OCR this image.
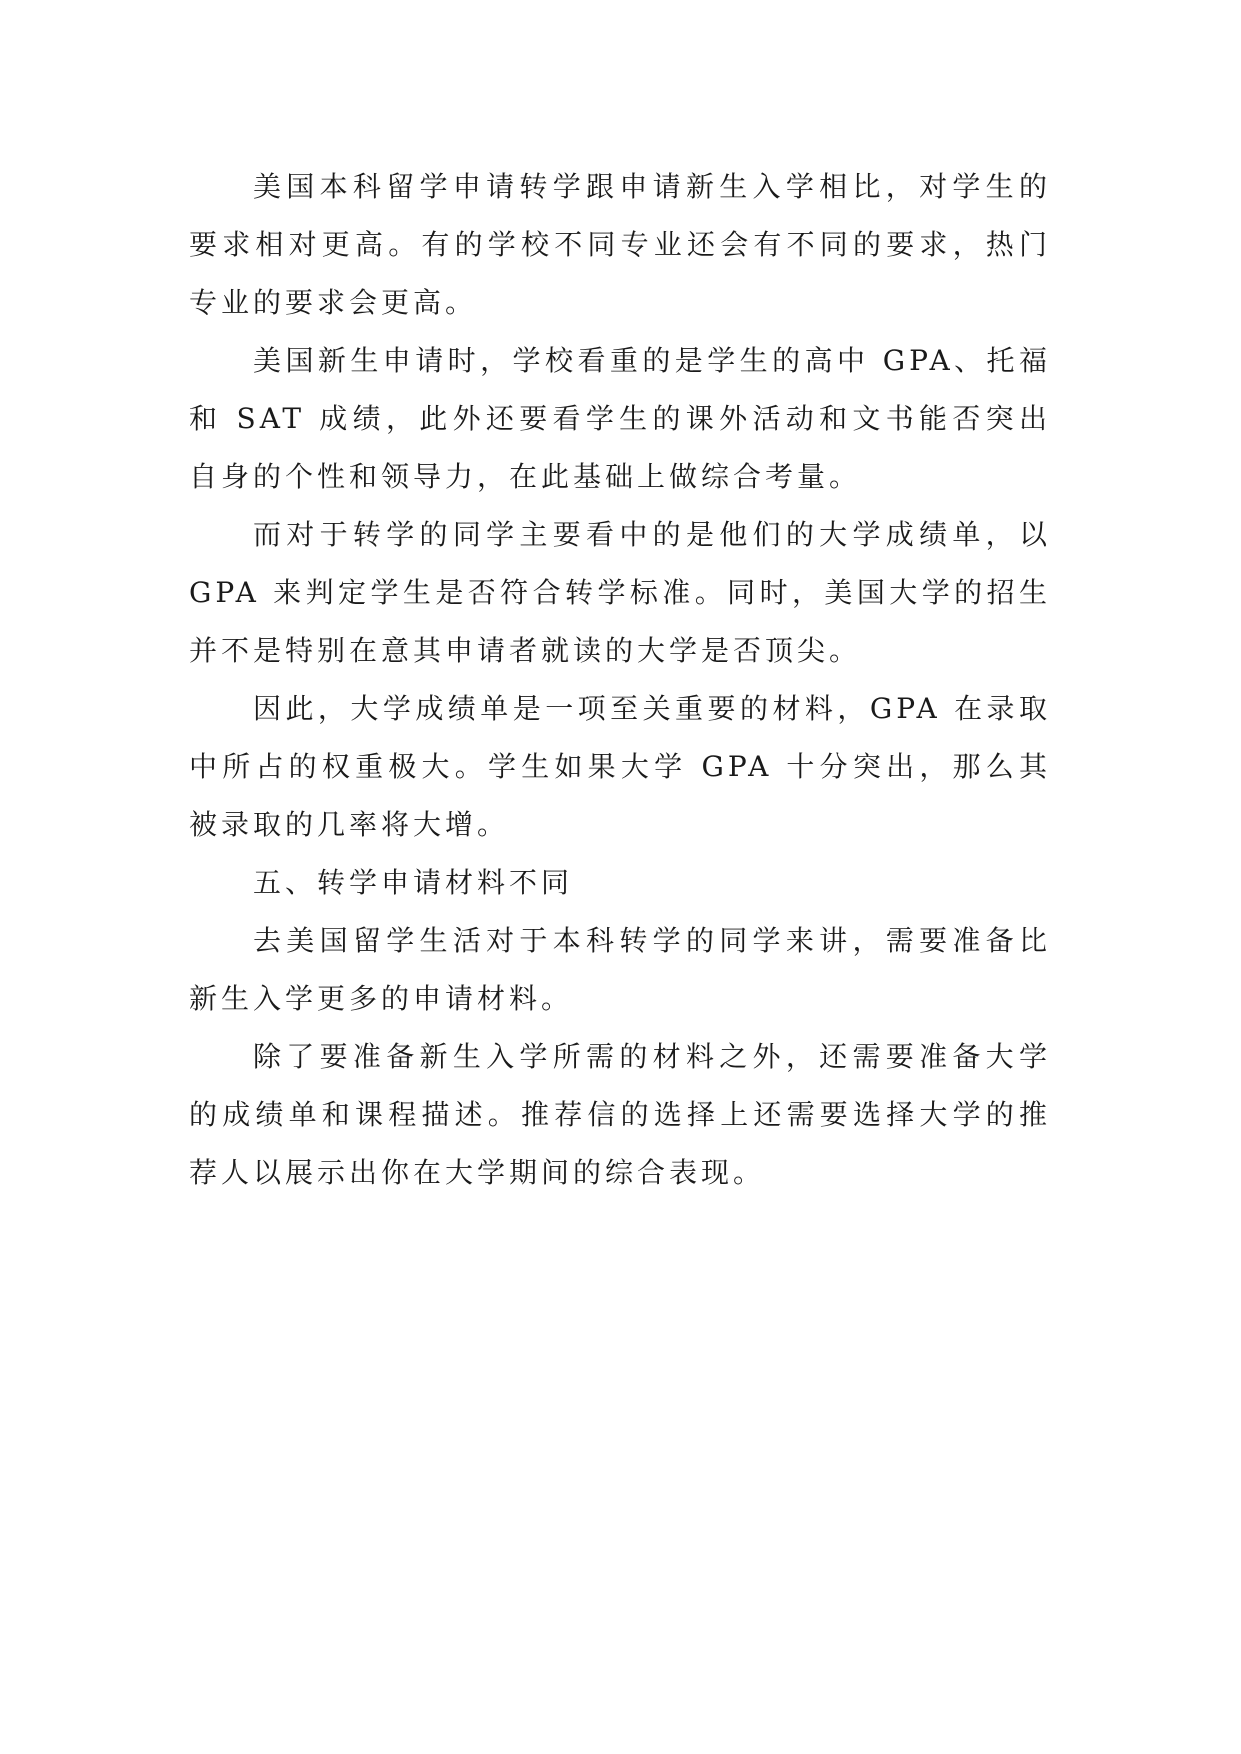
美国本科留学申请转学跟申请新生入学相比，对学生的要求相对更高。有的学校不同专业还会有不同的要求，热门专业的要求会更高。

美国新生申请时，学校看重的是学生的高中 GPA、托福和 SAT 成绩，此外还要看学生的课外活动和文书能否突出自身的个性和领导力，在此基础上做综合考量。

而对于转学的同学主要看中的是他们的大学成绩单，以 GPA 来判定学生是否符合转学标准。同时，美国大学的招生并不是特别在意其申请者就读的大学是否顶尖。

因此，大学成绩单是一项至关重要的材料，GPA 在录取中所占的权重极大。学生如果大学 GPA 十分突出，那么其被录取的几率将大增。

五、转学申请材料不同

去美国留学生活对于本科转学的同学来讲，需要准备比新生入学更多的申请材料。

除了要准备新生入学所需的材料之外，还需要准备大学的成绩单和课程描述。推荐信的选择上还需要选择大学的推荐人以展示出你在大学期间的综合表现。
